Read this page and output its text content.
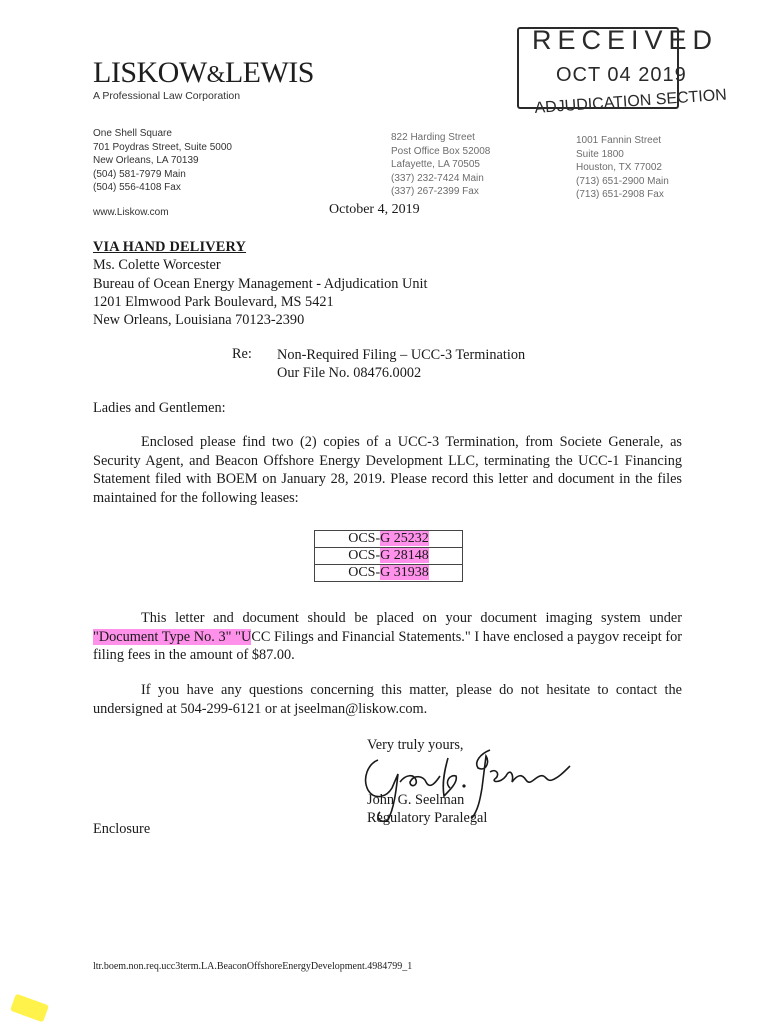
LISKOW&LEWIS
A Professional Law Corporation
One Shell Square
701 Poydras Street, Suite 5000
New Orleans, LA 70139
(504) 581-7979 Main
(504) 556-4108 Fax
822 Harding Street
Post Office Box 52008
Lafayette, LA 70505
(337) 232-7424 Main
(337) 267-2399 Fax
1001 Fannin Street
Suite 1800
Houston, TX 77002
(713) 651-2900 Main
(713) 651-2908 Fax
www.Liskow.com
RECEIVED
OCT 04 2019
ADJUDICATION SECTION
October 4, 2019
VIA HAND DELIVERY
Ms. Colette Worcester
Bureau of Ocean Energy Management - Adjudication Unit
1201 Elmwood Park Boulevard, MS 5421
New Orleans, Louisiana 70123-2390
Re: Non-Required Filing – UCC-3 Termination
Our File No. 08476.0002
Ladies and Gentlemen:
Enclosed please find two (2) copies of a UCC-3 Termination, from Societe Generale, as Security Agent, and Beacon Offshore Energy Development LLC, terminating the UCC-1 Financing Statement filed with BOEM on January 28, 2019. Please record this letter and document in the files maintained for the following leases:
OCS-G 25232
OCS-G 28148
OCS-G 31938
This letter and document should be placed on your document imaging system under "Document Type No. 3" "UCC Filings and Financial Statements." I have enclosed a paygov receipt for filing fees in the amount of $87.00.
If you have any questions concerning this matter, please do not hesitate to contact the undersigned at 504-299-6121 or at jseelman@liskow.com.
Very truly yours,
John G. Seelman
Regulatory Paralegal
Enclosure
ltr.boem.non.req.ucc3term.LA.BeaconOffshoreEnergyDevelopment.4984799_1
